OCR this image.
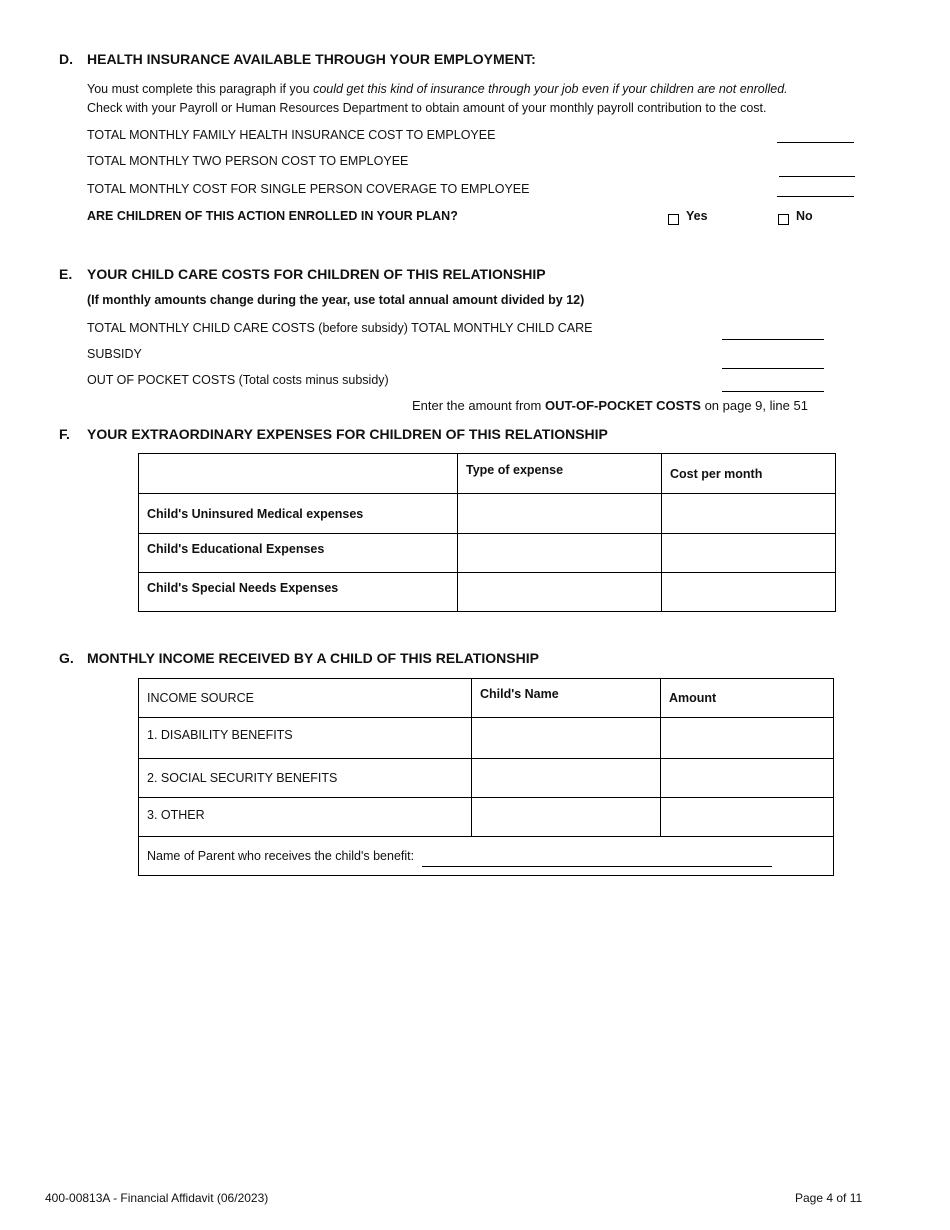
D. HEALTH INSURANCE AVAILABLE THROUGH YOUR EMPLOYMENT:
You must complete this paragraph if you could get this kind of insurance through your job even if your children are not enrolled.
Check with your Payroll or Human Resources Department to obtain amount of your monthly payroll contribution to the cost.
TOTAL MONTHLY FAMILY HEALTH INSURANCE COST TO EMPLOYEE
TOTAL MONTHLY TWO PERSON COST TO EMPLOYEE
TOTAL MONTHLY COST FOR SINGLE PERSON COVERAGE TO EMPLOYEE
ARE CHILDREN OF THIS ACTION ENROLLED IN YOUR PLAN?	Yes	No
E. YOUR CHILD CARE COSTS FOR CHILDREN OF THIS RELATIONSHIP
(If monthly amounts change during the year, use total annual amount divided by 12)
TOTAL MONTHLY CHILD CARE COSTS (before subsidy) TOTAL MONTHLY CHILD CARE
SUBSIDY
OUT OF POCKET COSTS (Total costs minus subsidy)
Enter the amount from OUT-OF-POCKET COSTS on page 9, line 51
F. YOUR EXTRAORDINARY EXPENSES FOR CHILDREN OF THIS RELATIONSHIP
	Type of expense	Cost per month
Child's Uninsured Medical expenses		
Child's Educational Expenses		
Child's Special Needs Expenses		
G. MONTHLY INCOME RECEIVED BY A CHILD OF THIS RELATIONSHIP
INCOME SOURCE	Child's Name	Amount
1. DISABILITY BENEFITS		
2. SOCIAL SECURITY BENEFITS		
3. OTHER		
Name of Parent who receives the child's benefit:		
400-00813A - Financial Affidavit (06/2023)	Page 4 of 11
